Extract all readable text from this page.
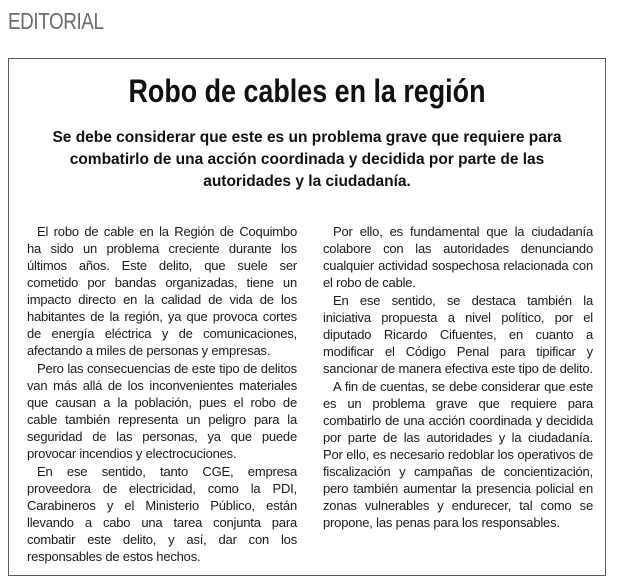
EDITORIAL
Robo de cables en la región
Se debe considerar que este es un problema grave que requiere para combatirlo de una acción coordinada y decidida por parte de las autoridades y la ciudadanía.

El robo de cable en la Región de Coquimbo ha sido un problema creciente durante los últimos años. Este delito, que suele ser cometido por bandas organizadas, tiene un impacto directo en la calidad de vida de los habitantes de la región, ya que provoca cortes de energía eléctrica y de comunicaciones, afectando a miles de personas y empresas.

Pero las consecuencias de este tipo de delitos van más allá de los inconvenientes materiales que causan a la población, pues el robo de cable también representa un peligro para la seguridad de las personas, ya que puede provocar incendios y electrocuciones.

En ese sentido, tanto CGE, empresa proveedora de electricidad, como la PDI, Carabineros y el Ministerio Público, están llevando a cabo una tarea conjunta para combatir este delito, y así, dar con los responsables de estos hechos.

Por ello, es fundamental que la ciudadanía colabore con las autoridades denunciando cualquier actividad sospechosa relacionada con el robo de cable.

En ese sentido, se destaca también la iniciativa propuesta a nivel político, por el diputado Ricardo Cifuentes, en cuanto a modificar el Código Penal para tipificar y sancionar de manera efectiva este tipo de delito.

A fin de cuentas, se debe considerar que este es un problema grave que requiere para combatirlo de una acción coordinada y decidida por parte de las autoridades y la ciudadanía. Por ello, es necesario redoblar los operativos de fiscalización y campañas de concientización, pero también aumentar la presencia policial en zonas vulnerables y endurecer, tal como se propone, las penas para los responsables.
